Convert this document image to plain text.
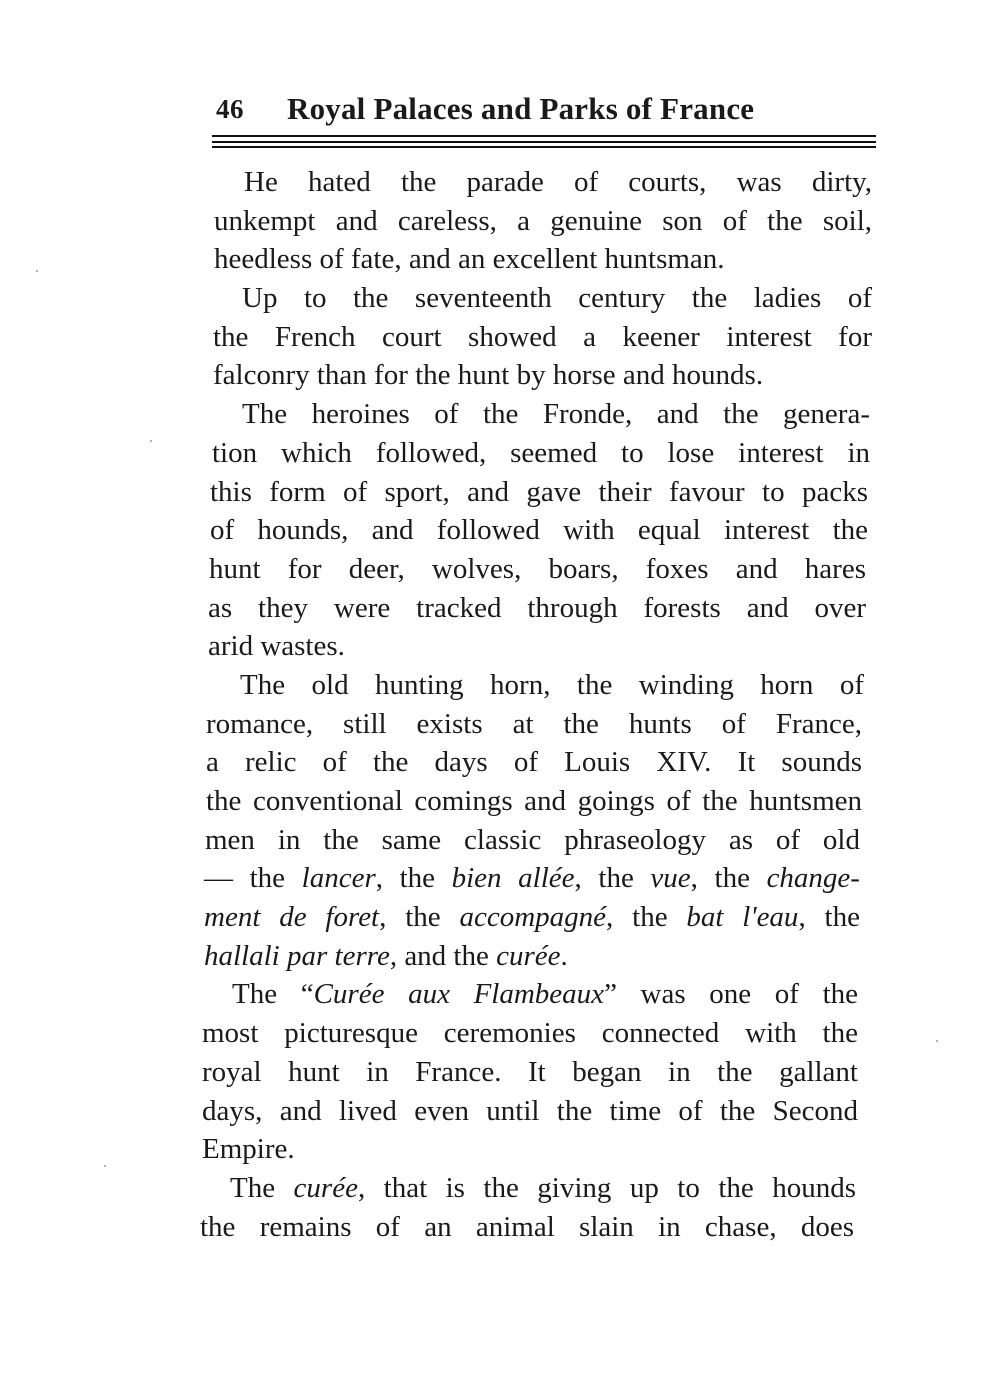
46 Royal Palaces and Parks of France
He hated the parade of courts, was dirty,
unkempt and careless, a genuine son of the soil,
heedless of fate, and an excellent huntsman.
Up to the seventeenth century the ladies of
the French court showed a keener interest for
falconry than for the hunt by horse and hounds.
The heroines of the Fronde, and the genera-
tion which followed, seemed to lose interest in
this form of sport, and gave their favour to packs
of hounds, and followed with equal interest the
hunt for deer, wolves, boars, foxes and hares
as they were tracked through forests and over
arid wastes.
The old hunting horn, the winding horn of
romance, still exists at the hunts of France,
a relic of the days of Louis XIV. It sounds
the conventional comings and goings of the huntsmen
men in the same classic phraseology as of old
— the lancer, the bien allée, the vue, the change-
ment de foret, the accompagné, the bat l'eau, the
hallali par terre, and the curée.
The “Curée aux Flambeaux” was one of the
most picturesque ceremonies connected with the
royal hunt in France. It began in the gallant
days, and lived even until the time of the Second
Empire.
The curée, that is the giving up to the hounds
the remains of an animal slain in chase, does
